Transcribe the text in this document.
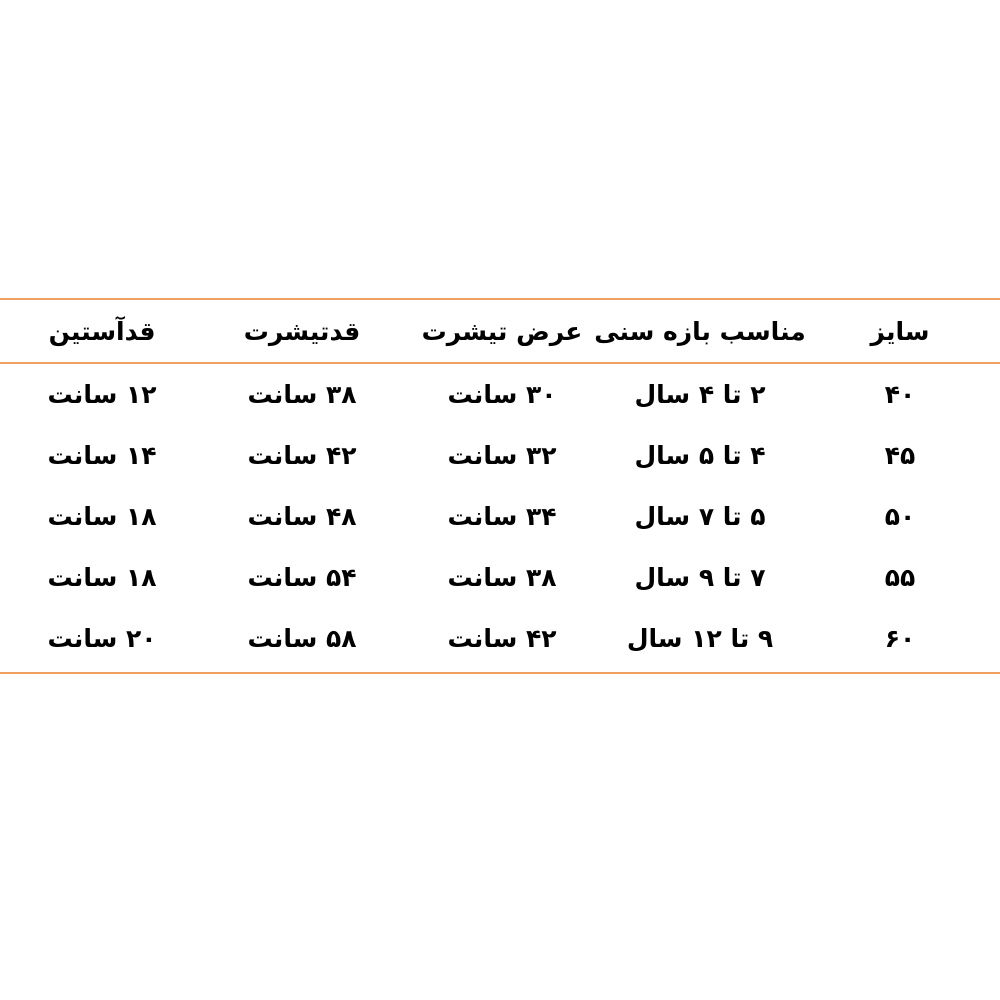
سایز
مناسب بازه سنی
عرض تیشرت
قدتیشرت
قدآستین
۴۰
۲ تا ۴ سال
۳۰ سانت
۳۸ سانت
۱۲ سانت
۴۵
۴ تا ۵ سال
۳۲ سانت
۴۲ سانت
۱۴ سانت
۵۰
۵ تا ۷ سال
۳۴ سانت
۴۸ سانت
۱۸ سانت
۵۵
۷ تا ۹ سال
۳۸ سانت
۵۴ سانت
۱۸ سانت
۶۰
۹ تا ۱۲ سال
۴۲ سانت
۵۸ سانت
۲۰ سانت
